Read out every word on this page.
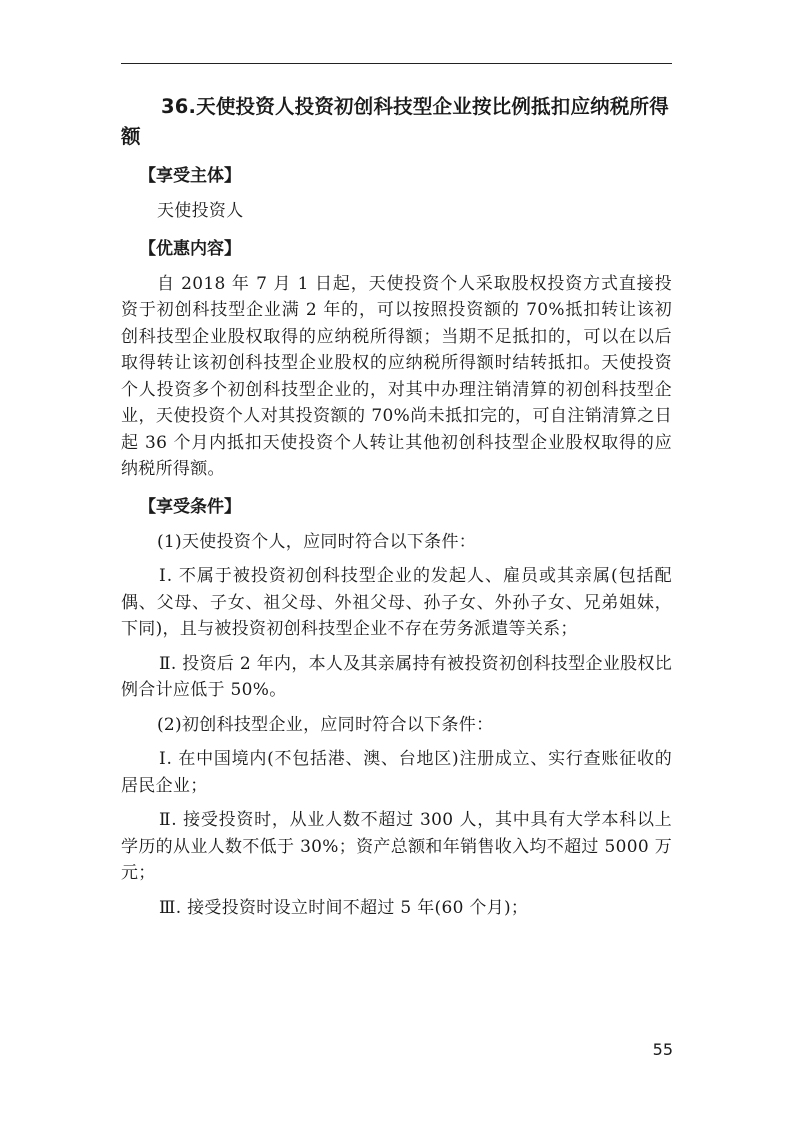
36.天使投资人投资初创科技型企业按比例抵扣应纳税所得额
【享受主体】

天使投资人

【优惠内容】

自 2018 年 7 月 1 日起，天使投资个人采取股权投资方式直接投资于初创科技型企业满 2 年的，可以按照投资额的 70%抵扣转让该初创科技型企业股权取得的应纳税所得额；当期不足抵扣的，可以在以后取得转让该初创科技型企业股权的应纳税所得额时结转抵扣。天使投资个人投资多个初创科技型企业的，对其中办理注销清算的初创科技型企业，天使投资个人对其投资额的 70%尚未抵扣完的，可自注销清算之日起 36 个月内抵扣天使投资个人转让其他初创科技型企业股权取得的应纳税所得额。

【享受条件】

(1)天使投资个人，应同时符合以下条件：

Ⅰ. 不属于被投资初创科技型企业的发起人、雇员或其亲属(包括配偶、父母、子女、祖父母、外祖父母、孙子女、外孙子女、兄弟姐妹，下同)，且与被投资初创科技型企业不存在劳务派遣等关系；

Ⅱ. 投资后 2 年内，本人及其亲属持有被投资初创科技型企业股权比例合计应低于 50%。

(2)初创科技型企业，应同时符合以下条件：

Ⅰ. 在中国境内(不包括港、澳、台地区)注册成立、实行查账征收的居民企业；

Ⅱ. 接受投资时，从业人数不超过 300 人，其中具有大学本科以上学历的从业人数不低于 30%；资产总额和年销售收入均不超过 5000 万元；

Ⅲ. 接受投资时设立时间不超过 5 年(60 个月)；

55
